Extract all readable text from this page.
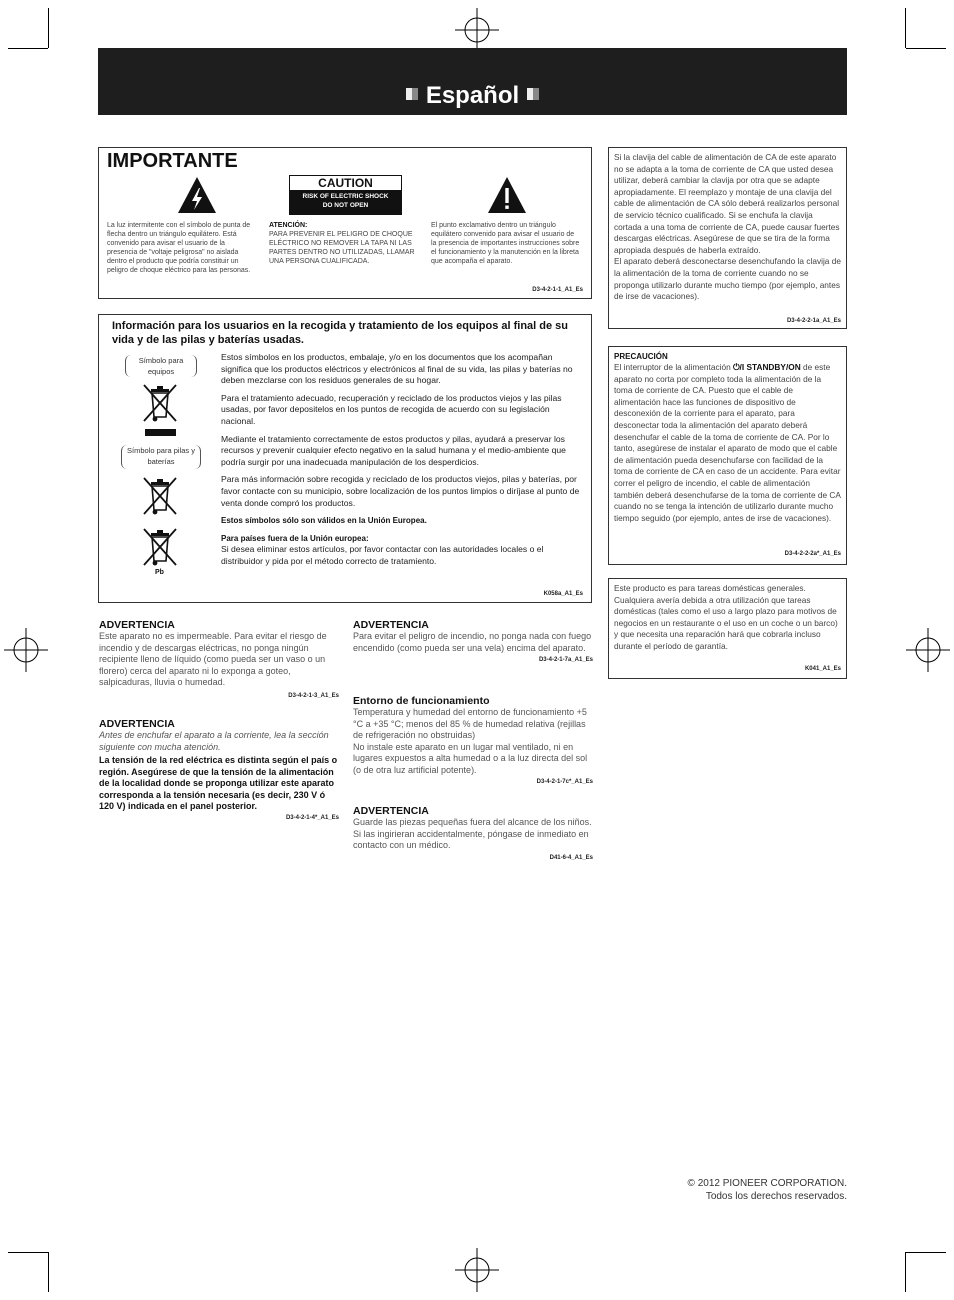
Español
IMPORTANTE
La luz intermitente con el símbolo de punta de flecha dentro un triángulo equilátero. Está convenido para avisar el usuario de la presencia de "voltaje peligrosa" no aislada dentro el producto que podría constituir un peligro de choque eléctrico para las personas.
CAUTION
RISK OF ELECTRIC SHOCK
DO NOT OPEN
ATENCIÓN:
PARA PREVENIR EL PELIGRO DE CHOQUE ELÉCTRICO NO REMOVER LA TAPA NI LAS PARTES DENTRO NO UTILIZADAS, LLAMAR UNA PERSONA CUALIFICADA.
El punto exclamativo dentro un triángulo equilátero convenido para avisar el usuario de la presencia de importantes instrucciones sobre el funcionamiento y la manutención en la libreta que acompaña el aparato.
D3-4-2-1-1_A1_Es
Información para los usuarios en la recogida y tratamiento de los equipos al final de su vida y de las pilas y baterías usadas.
Símbolo para equipos
Símbolo para pilas y baterías
Pb

Estos símbolos en los productos, embalaje, y/o en los documentos que los acompañan significa que los productos eléctricos y electrónicos al final de su vida, las pilas y baterías no deben mezclarse con los residuos generales de su hogar.

Para el tratamiento adecuado, recuperación y reciclado de los productos viejos y las pilas usadas, por favor depositelos en los puntos de recogida de acuerdo con su legislación nacional.

Mediante el tratamiento correctamente de estos productos y pilas, ayudará a preservar los recursos y prevenir cualquier efecto negativo en la salud humana y el medio-ambiente que podría surgir por una inadecuada manipulación de los desperdicios.

Para más información sobre recogida y reciclado de los productos viejos, pilas y baterías, por favor contacte con su municipio, sobre localización de los puntos limpios o diríjase al punto de venta donde compró los productos.

Estos símbolos sólo son válidos en la Unión Europea.

Para países fuera de la Unión europea:

Si desea eliminar estos artículos, por favor contactar con las autoridades locales o el distribuidor y pida por el método correcto de tratamiento.

K058a_A1_Es
ADVERTENCIA
Este aparato no es impermeable. Para evitar el riesgo de incendio y de descargas eléctricas, no ponga ningún recipiente lleno de líquido (como pueda ser un vaso o un florero) cerca del aparato ni lo exponga a goteo, salpicaduras, lluvia o humedad.
D3-4-2-1-3_A1_Es
ADVERTENCIA
Antes de enchufar el aparato a la corriente, lea la sección siguiente con mucha atención.
La tensión de la red eléctrica es distinta según el país o región. Asegúrese de que la tensión de la alimentación de la localidad donde se proponga utilizar este aparato corresponda a la tensión necesaria (es decir, 230 V ó 120 V) indicada en el panel posterior.
D3-4-2-1-4*_A1_Es
ADVERTENCIA
Para evitar el peligro de incendio, no ponga nada con fuego encendido (como pueda ser una vela) encima del aparato.
D3-4-2-1-7a_A1_Es
Entorno de funcionamiento
Temperatura y humedad del entorno de funcionamiento +5 °C a +35 °C; menos del 85 % de humedad relativa (rejillas de refrigeración no obstruidas)
No instale este aparato en un lugar mal ventilado, ni en lugares expuestos a alta humedad o a la luz directa del sol (o de otra luz artificial potente).
D3-4-2-1-7c*_A1_Es
ADVERTENCIA
Guarde las piezas pequeñas fuera del alcance de los niños. Si las ingirieran accidentalmente, póngase de inmediato en contacto con un médico.
D41-6-4_A1_Es
Si la clavija del cable de alimentación de CA de este aparato no se adapta a la toma de corriente de CA que usted desea utilizar, deberá cambiar la clavija por otra que se adapte apropiadamente. El reemplazo y montaje de una clavija del cable de alimentación de CA sólo deberá realizarlos personal de servicio técnico cualificado. Si se enchufa la clavija cortada a una toma de corriente de CA, puede causar fuertes descargas eléctricas. Asegúrese de que se tira de la forma apropiada después de haberla extraído.
El aparato deberá desconectarse desenchufando la clavija de la alimentación de la toma de corriente cuando no se proponga utilizarlo durante mucho tiempo (por ejemplo, antes de irse de vacaciones).
D3-4-2-2-1a_A1_Es
PRECAUCIÓN
El interruptor de la alimentación ⏻/I STANDBY/ON de este aparato no corta por completo toda la alimentación de la toma de corriente de CA. Puesto que el cable de alimentación hace las funciones de dispositivo de desconexión de la corriente para el aparato, para desconectar toda la alimentación del aparato deberá desenchufar el cable de la toma de corriente de CA. Por lo tanto, asegúrese de instalar el aparato de modo que el cable de alimentación pueda desenchufarse con facilidad de la toma de corriente de CA en caso de un accidente. Para evitar correr el peligro de incendio, el cable de alimentación también deberá desenchufarse de la toma de corriente de CA cuando no se tenga la intención de utilizarlo durante mucho tiempo seguido (por ejemplo, antes de irse de vacaciones).
D3-4-2-2-2a*_A1_Es
Este producto es para tareas domésticas generales. Cualquiera avería debida a otra utilización que tareas domésticas (tales como el uso a largo plazo para motivos de negocios en un restaurante o el uso en un coche o un barco) y que necesita una reparación hará que cobrarla incluso durante el período de garantía.
K041_A1_Es
© 2012 PIONEER CORPORATION.
Todos los derechos reservados.
